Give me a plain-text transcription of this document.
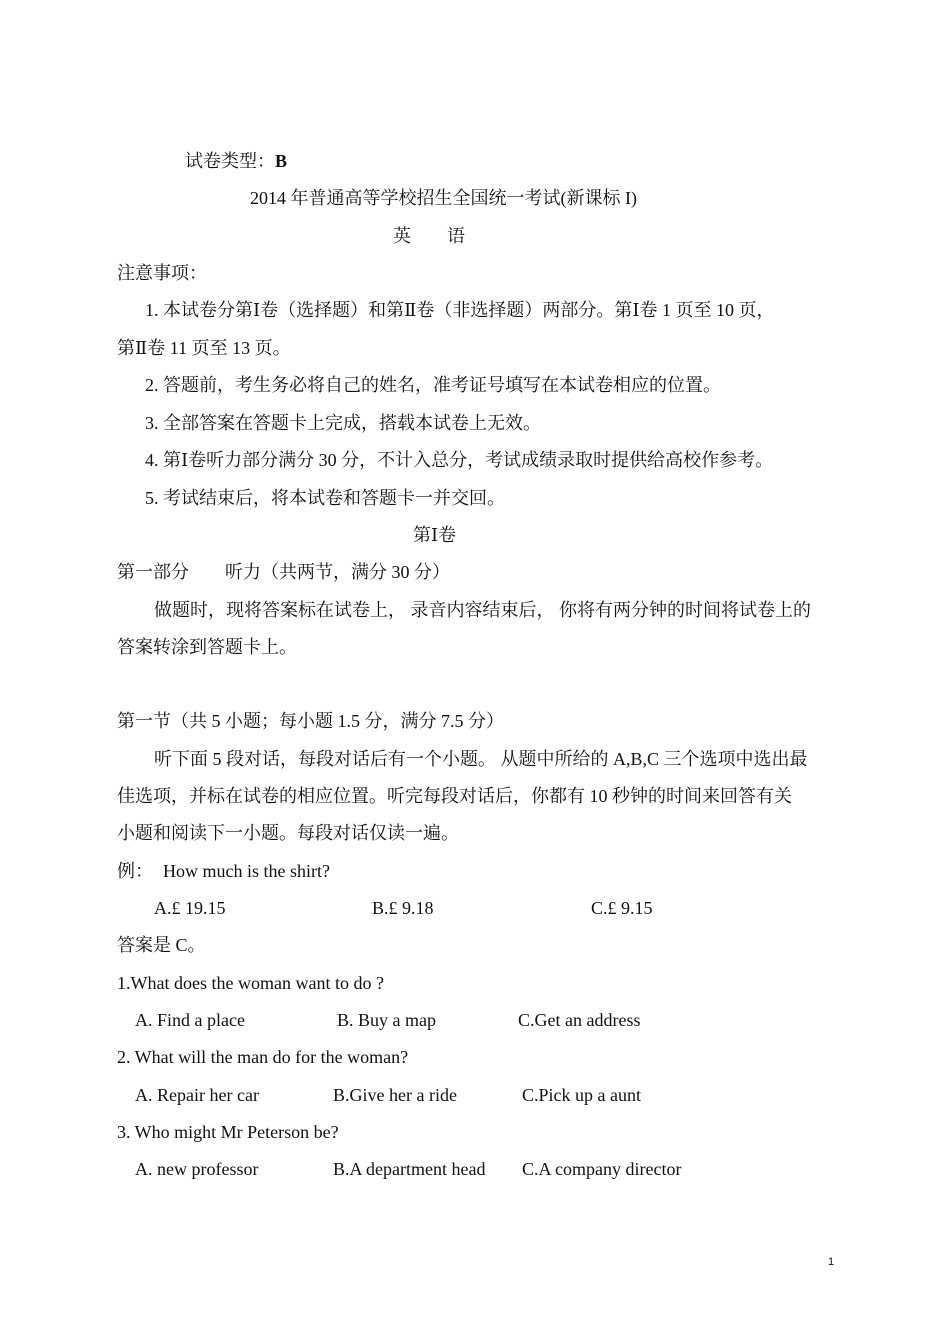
试卷类型：B
2014 年普通高等学校招生全国统一考试(新课标 I)
英　　语
注意事项：
1. 本试卷分第Ⅰ卷（选择题）和第Ⅱ卷（非选择题）两部分。第Ⅰ卷 1 页至 10 页，
第Ⅱ卷 11 页至 13 页。
2. 答题前，考生务必将自己的姓名，准考证号填写在本试卷相应的位置。
3. 全部答案在答题卡上完成，搭载本试卷上无效。
4. 第Ⅰ卷听力部分满分 30 分，不计入总分，考试成绩录取时提供给高校作参考。
5. 考试结束后，将本试卷和答题卡一并交回。
第Ⅰ卷
第一部分　　听力（共两节，满分 30 分）
做题时，现将答案标在试卷上， 录音内容结束后， 你将有两分钟的时间将试卷上的
答案转涂到答题卡上。
第一节（共 5 小题；每小题 1.5 分，满分 7.5 分）
听下面 5 段对话，每段对话后有一个小题。 从题中所给的 A,B,C 三个选项中选出最
佳选项，并标在试卷的相应位置。听完每段对话后，你都有 10 秒钟的时间来回答有关
小题和阅读下一小题。每段对话仅读一遍。
例： How much is the shirt?
A.£ 19.15	B.£ 9.18	C.£ 9.15
答案是 C。
1.What does the woman want to do ?
A. Find a place	B. Buy a map	C.Get an address
2. What will the man do for the woman?
A. Repair her car	B.Give her a ride	C.Pick up a aunt
3. Who might Mr Peterson be?
A. new professor	B.A department head C.A company director
1
